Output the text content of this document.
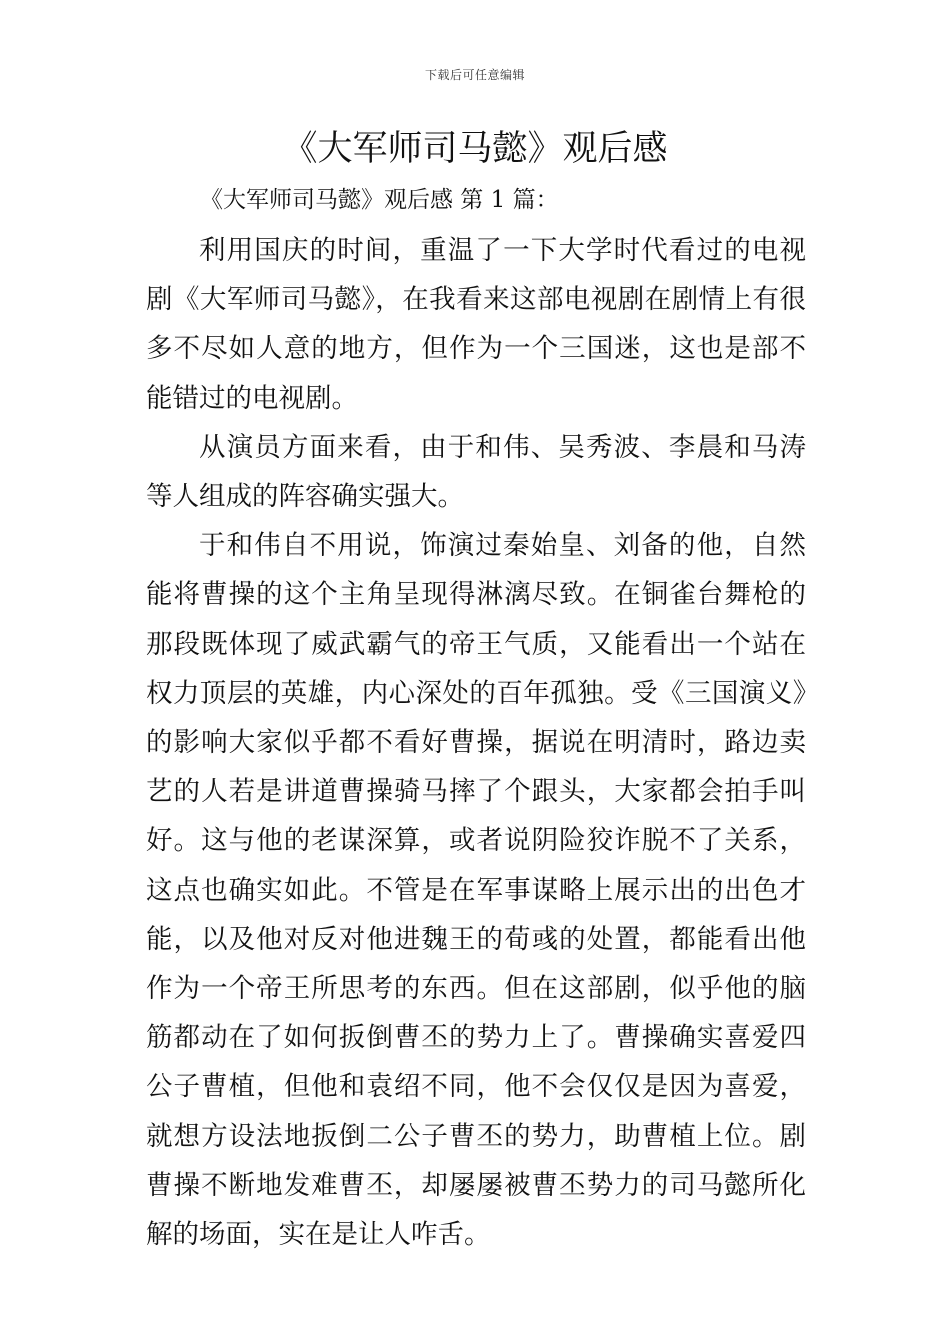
下载后可任意编辑
《大军师司马懿》观后感
《大军师司马懿》观后感 第 1 篇：

利用国庆的时间，重温了一下大学时代看过的电视剧《大军师司马懿》，在我看来这部电视剧在剧情上有很多不尽如人意的地方，但作为一个三国迷，这也是部不能错过的电视剧。

从演员方面来看，由于和伟、吴秀波、李晨和马涛等人组成的阵容确实强大。

于和伟自不用说，饰演过秦始皇、刘备的他，自然能将曹操的这个主角呈现得淋漓尽致。在铜雀台舞枪的那段既体现了威武霸气的帝王气质，又能看出一个站在权力顶层的英雄，内心深处的百年孤独。受《三国演义》的影响大家似乎都不看好曹操，据说在明清时，路边卖艺的人若是讲道曹操骑马摔了个跟头，大家都会拍手叫好。这与他的老谋深算，或者说阴险狡诈脱不了关系，这点也确实如此。不管是在军事谋略上展示出的出色才能，以及他对反对他进魏王的荀彧的处置，都能看出他作为一个帝王所思考的东西。但在这部剧，似乎他的脑筋都动在了如何扳倒曹丕的势力上了。曹操确实喜爱四公子曹植，但他和袁绍不同，他不会仅仅是因为喜爱，就想方设法地扳倒二公子曹丕的势力，助曹植上位。剧曹操不断地发难曹丕，却屡屡被曹丕势力的司马懿所化解的场面，实在是让人咋舌。
